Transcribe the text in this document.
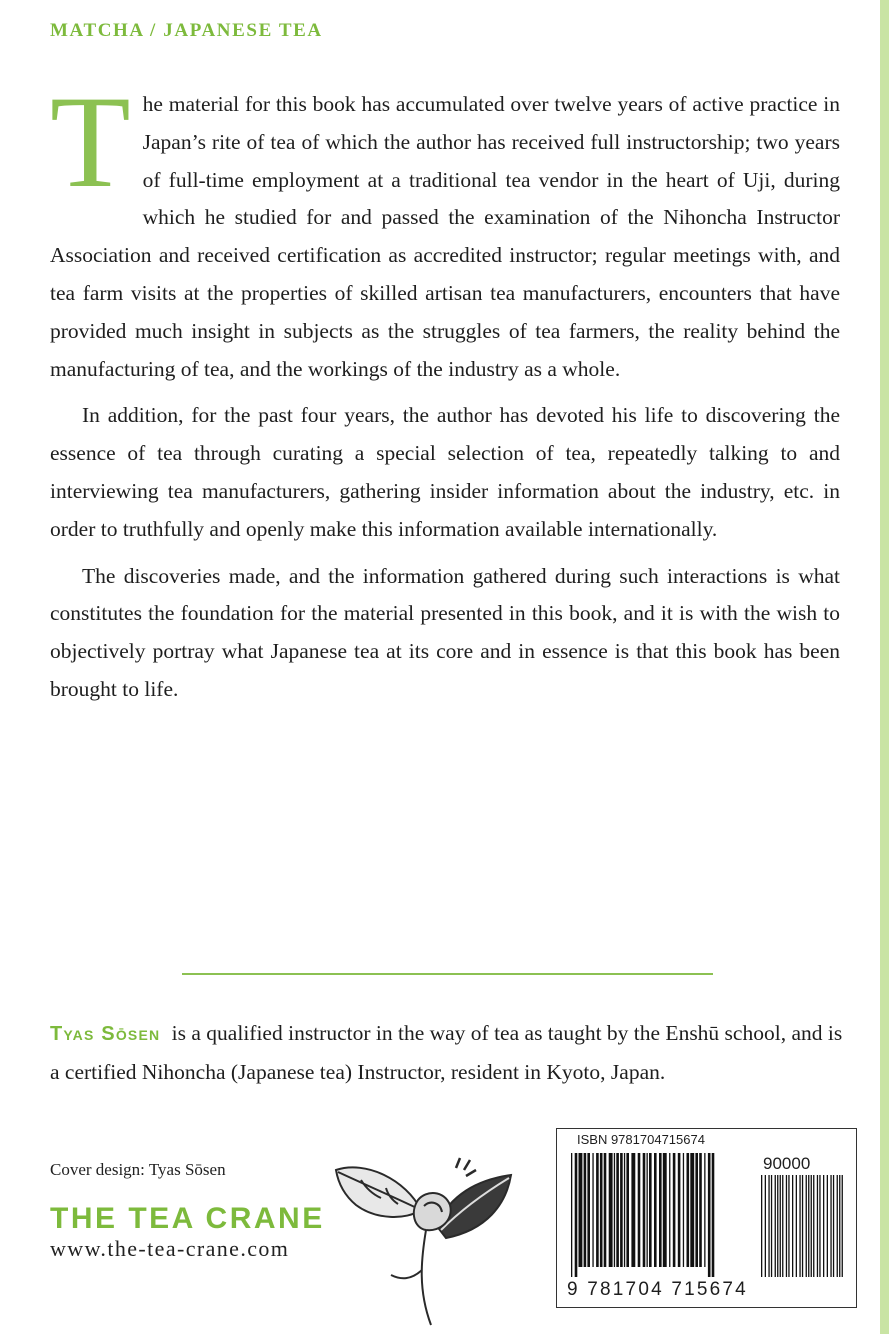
MATCHA / JAPANESE TEA

The material for this book has accumulated over twelve years of active practice in Japan’s rite of tea of which the author has received full instructorship; two years of full-time employment at a traditional tea vendor in the heart of Uji, during which he studied for and passed the examination of the Nihoncha Instructor Association and received certification as accredited instructor; regular meetings with, and tea farm visits at the properties of skilled artisan tea manufacturers, encounters that have provided much insight in subjects as the struggles of tea farmers, the reality behind the manufacturing of tea, and the workings of the industry as a whole.

In addition, for the past four years, the author has devoted his life to discovering the essence of tea through curating a special selection of tea, repeatedly talking to and interviewing tea manufacturers, gathering insider information about the industry, etc. in order to truthfully and openly make this information available internationally.

The discoveries made, and the information gathered during such interactions is what constitutes the foundation for the material presented in this book, and it is with the wish to objectively portray what Japanese tea at its core and in essence is that this book has been brought to life.

Tyas Sōsen is a qualified instructor in the way of tea as taught by the Enshū school, and is a certified Nihoncha (Japanese tea) Instructor, resident in Kyoto, Japan.
Cover design: Tyas Sōsen
THE TEA CRANE
www.the-tea-crane.com
ISBN 9781704715674
90000
9 781704 715674
